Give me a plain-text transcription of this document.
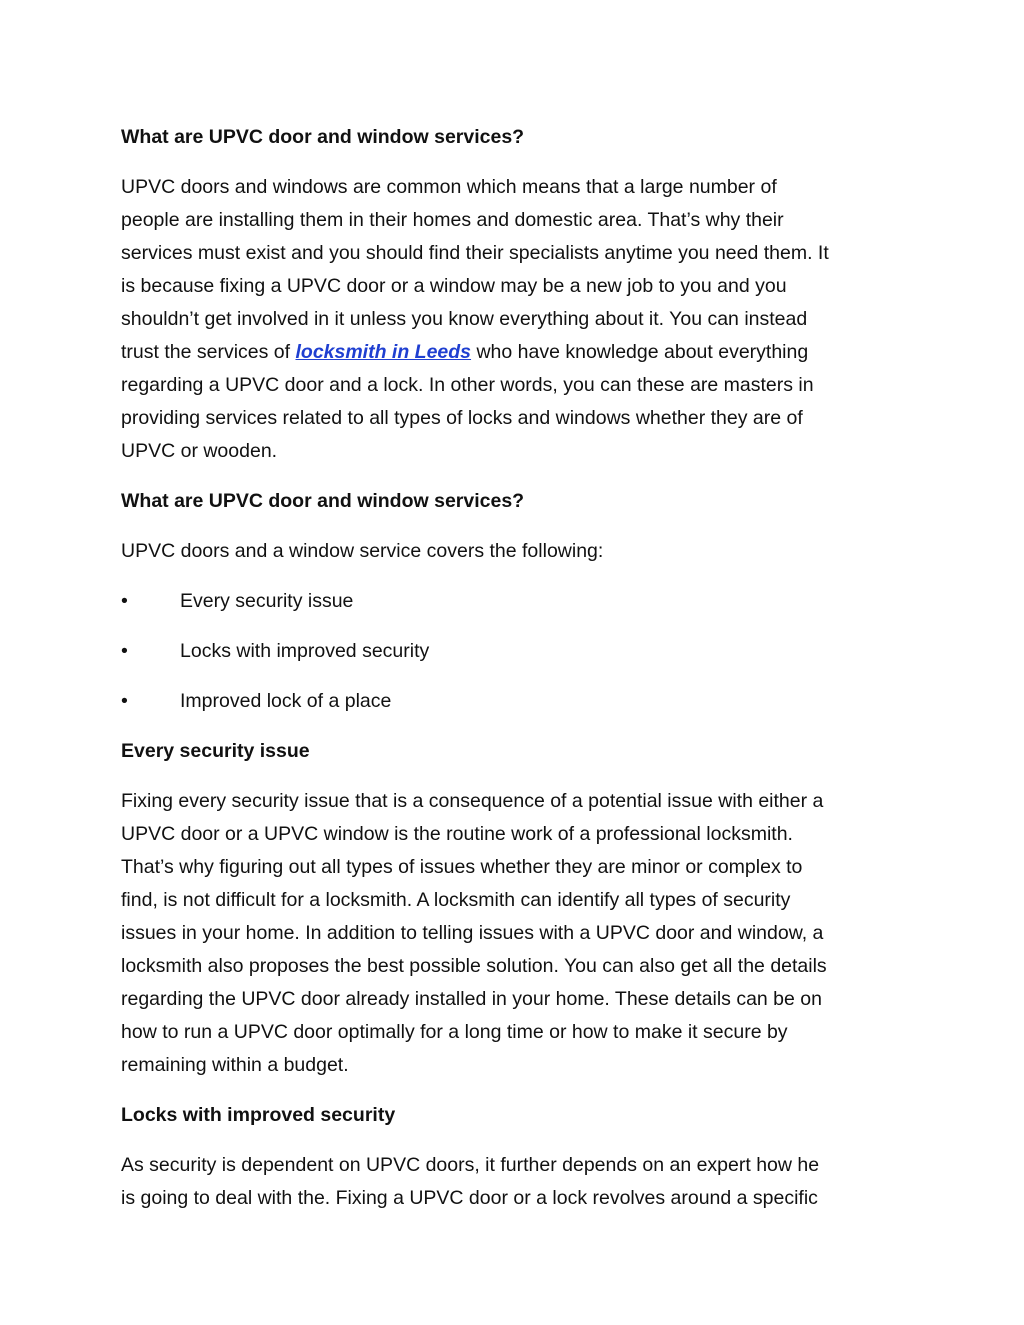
What are UPVC door and window services?
UPVC doors and windows are common which means that a large number of
people are installing them in their homes and domestic area. That’s why their
services must exist and you should find their specialists anytime you need them. It
is because fixing a UPVC door or a window may be a new job to you and you
shouldn’t get involved in it unless you know everything about it. You can instead
trust the services of locksmith in Leeds who have knowledge about everything
regarding a UPVC door and a lock. In other words, you can these are masters in
providing services related to all types of locks and windows whether they are of
UPVC or wooden.
What are UPVC door and window services?
UPVC doors and a window service covers the following:
•	Every security issue
•	Locks with improved security
•	Improved lock of a place
Every security issue
Fixing every security issue that is a consequence of a potential issue with either a
UPVC door or a UPVC window is the routine work of a professional locksmith.
That’s why figuring out all types of issues whether they are minor or complex to
find, is not difficult for a locksmith. A locksmith can identify all types of security
issues in your home. In addition to telling issues with a UPVC door and window, a
locksmith also proposes the best possible solution. You can also get all the details
regarding the UPVC door already installed in your home. These details can be on
how to run a UPVC door optimally for a long time or how to make it secure by
remaining within a budget.
Locks with improved security
As security is dependent on UPVC doors, it further depends on an expert how he
is going to deal with the. Fixing a UPVC door or a lock revolves around a specific
